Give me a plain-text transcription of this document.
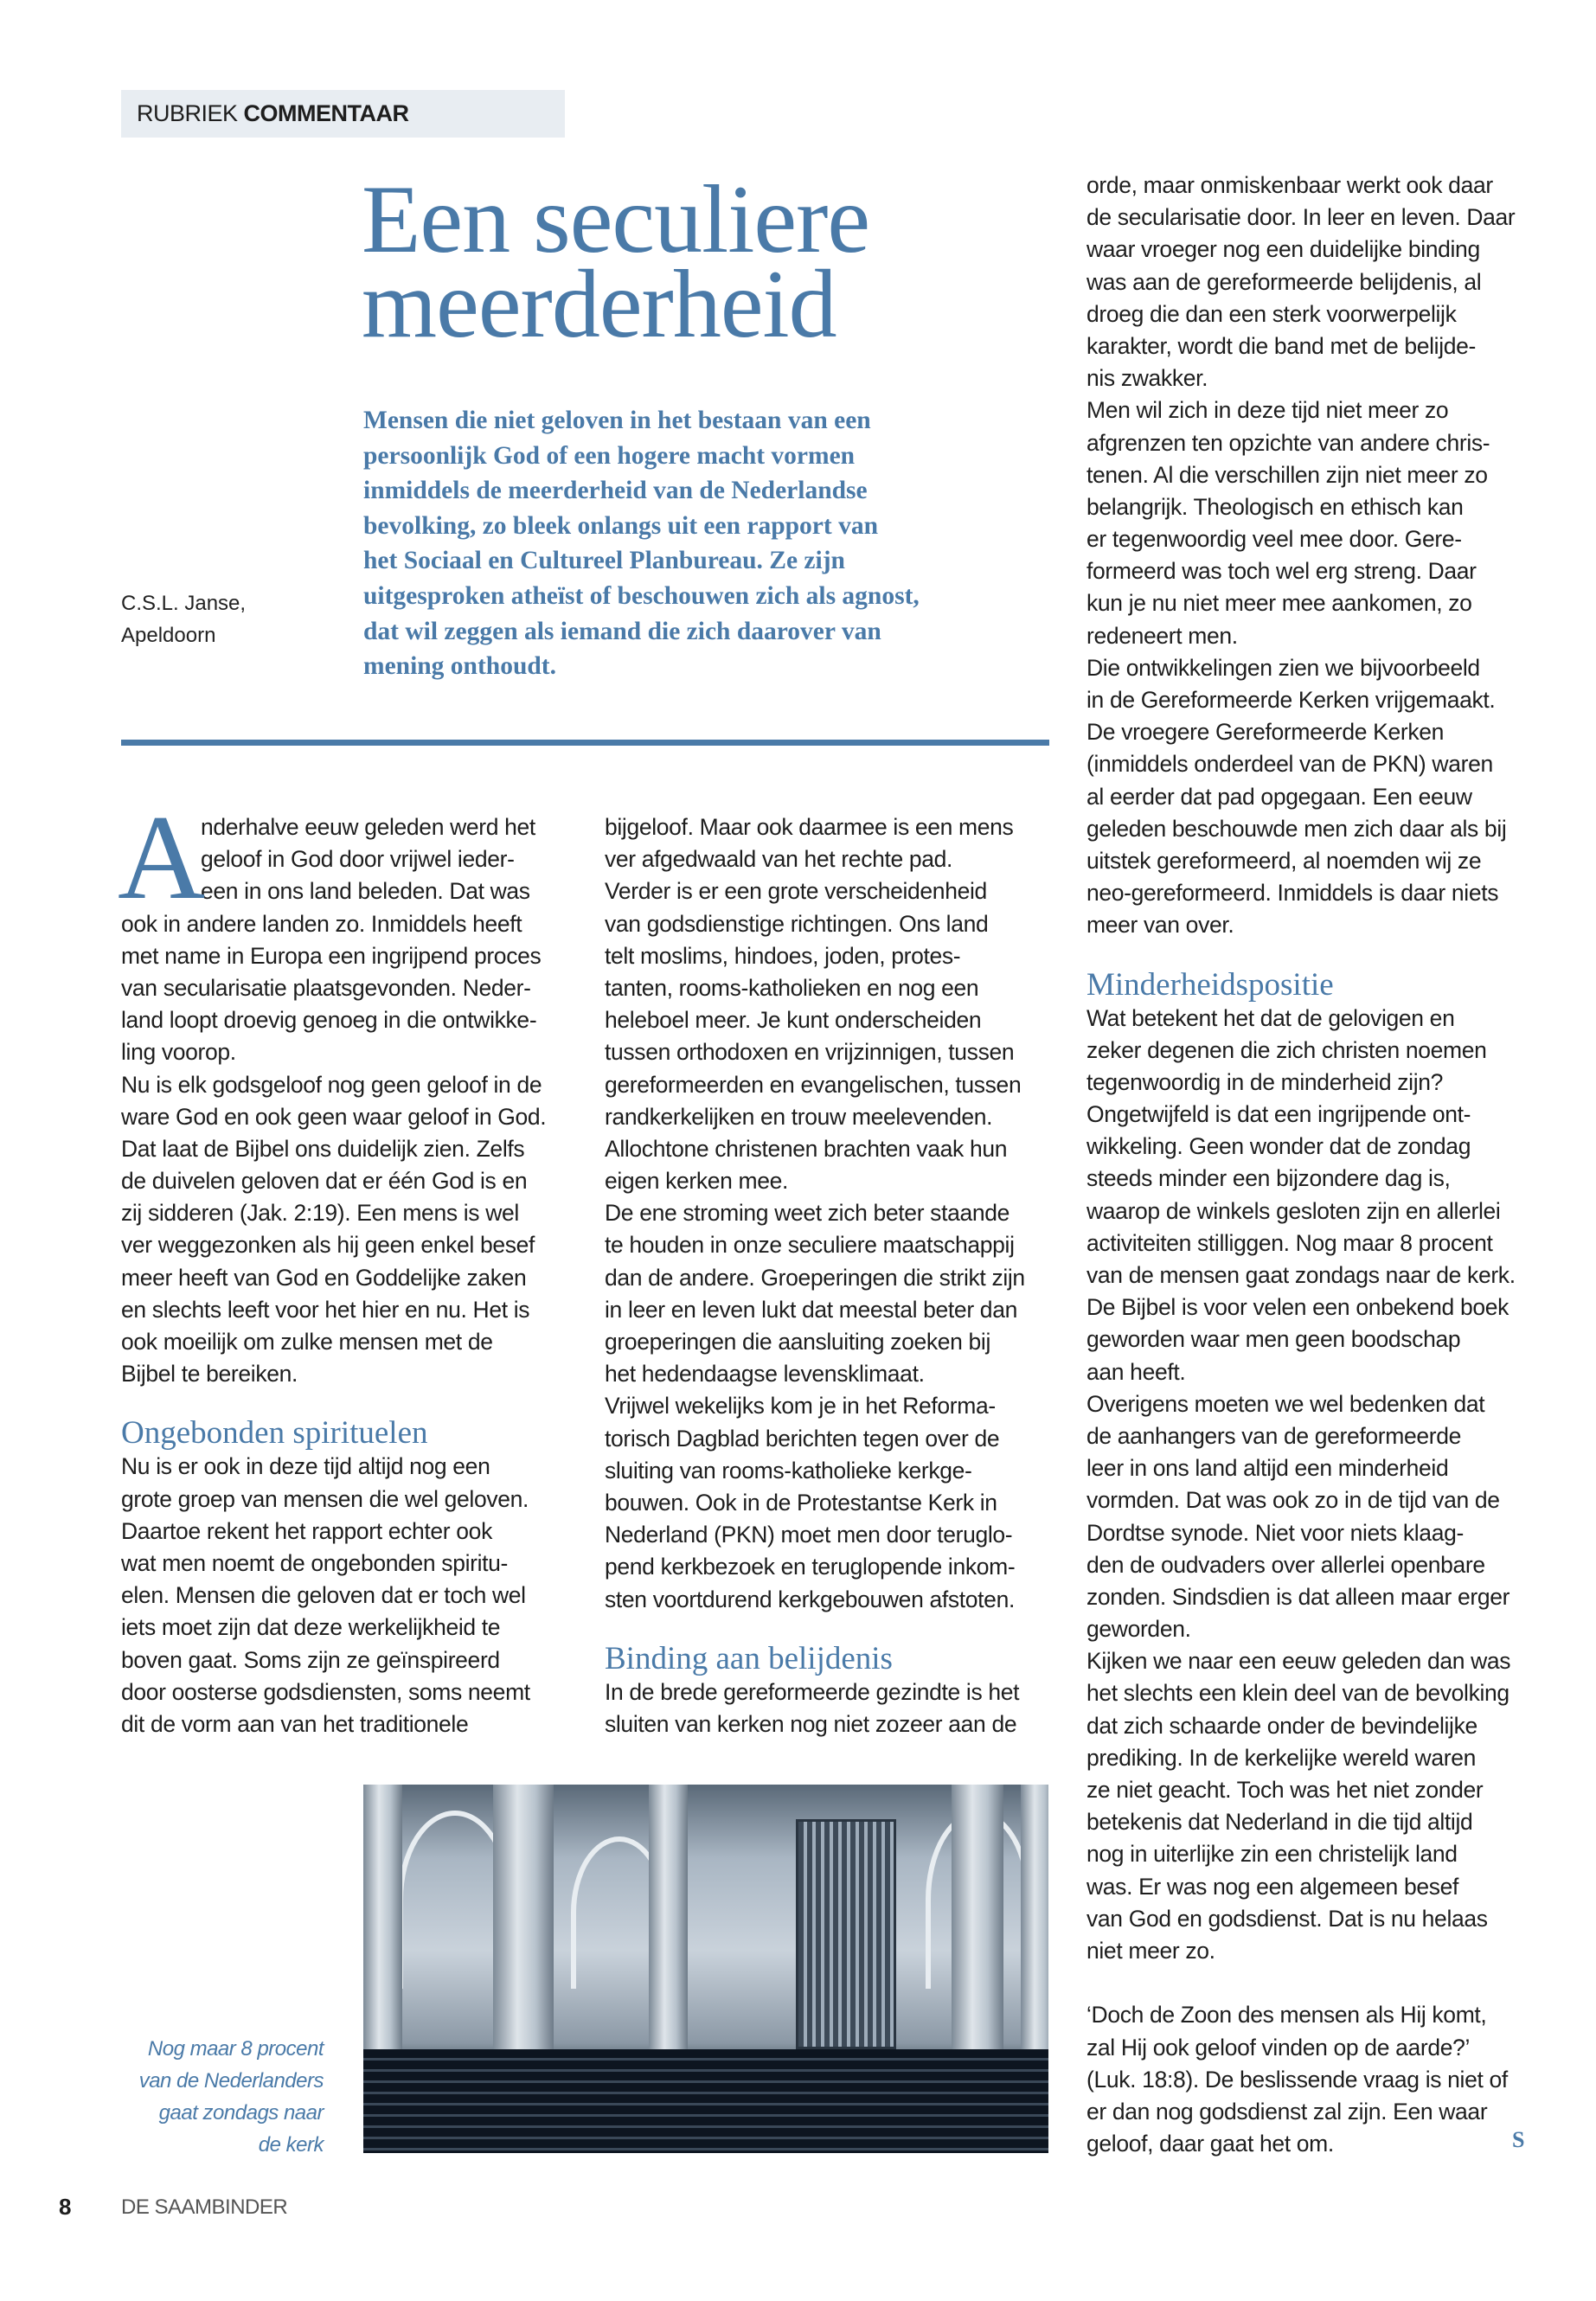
RUBRIEK COMMENTAAR
Een seculiere
meerderheid
Mensen die niet geloven in het bestaan van een
persoonlijk God of een hogere macht vormen
inmiddels de meerderheid van de Nederlandse
bevolking, zo bleek onlangs uit een rapport van
het Sociaal en Cultureel Planbureau. Ze zijn
uitgesproken atheïst of beschouwen zich als agnost,
dat wil zeggen als iemand die zich daarover van
mening onthoudt.
C.S.L. Janse,
Apeldoorn
A
nderhalve eeuw geleden werd het
geloof in God door vrijwel ieder-
een in ons land beleden. Dat was
ook in andere landen zo. Inmiddels heeft
met name in Europa een ingrijpend proces
van secularisatie plaatsgevonden. Neder-
land loopt droevig genoeg in die ontwikke-
ling voorop.
Nu is elk godsgeloof nog geen geloof in de
ware God en ook geen waar geloof in God.
Dat laat de Bijbel ons duidelijk zien. Zelfs
de duivelen geloven dat er één God is en
zij sidderen (Jak. 2:19). Een mens is wel
ver weggezonken als hij geen enkel besef
meer heeft van God en Goddelijke zaken
en slechts leeft voor het hier en nu. Het is
ook moeilijk om zulke mensen met de
Bijbel te bereiken.
Ongebonden spirituelen
Nu is er ook in deze tijd altijd nog een
grote groep van mensen die wel geloven.
Daartoe rekent het rapport echter ook
wat men noemt de ongebonden spiritu-
elen. Mensen die geloven dat er toch wel
iets moet zijn dat deze werkelijkheid te
boven gaat. Soms zijn ze geïnspireerd
door oosterse godsdiensten, soms neemt
dit de vorm aan van het traditionele
bijgeloof. Maar ook daarmee is een mens
ver afgedwaald van het rechte pad.
Verder is er een grote verscheidenheid
van godsdienstige richtingen. Ons land
telt moslims, hindoes, joden, protes-
tanten, rooms-katholieken en nog een
heleboel meer. Je kunt onderscheiden
tussen orthodoxen en vrijzinnigen, tussen
gereformeerden en evangelischen, tussen
randkerkelijken en trouw meelevenden.
Allochtone christenen brachten vaak hun
eigen kerken mee.
De ene stroming weet zich beter staande
te houden in onze seculiere maatschappij
dan de andere. Groeperingen die strikt zijn
in leer en leven lukt dat meestal beter dan
groeperingen die aansluiting zoeken bij
het hedendaagse levensklimaat.
Vrijwel wekelijks kom je in het Reforma-
torisch Dagblad berichten tegen over de
sluiting van rooms-katholieke kerkge-
bouwen. Ook in de Protestantse Kerk in
Nederland (PKN) moet men door teruglo-
pend kerkbezoek en teruglopende inkom-
sten voortdurend kerkgebouwen afstoten.
Binding aan belijdenis
In de brede gereformeerde gezindte is het
sluiten van kerken nog niet zozeer aan de
orde, maar onmiskenbaar werkt ook daar
de secularisatie door. In leer en leven. Daar
waar vroeger nog een duidelijke binding
was aan de gereformeerde belijdenis, al
droeg die dan een sterk voorwerpelijk
karakter, wordt die band met de belijde-
nis zwakker.
Men wil zich in deze tijd niet meer zo
afgrenzen ten opzichte van andere chris-
tenen. Al die verschillen zijn niet meer zo
belangrijk. Theologisch en ethisch kan
er tegenwoordig veel mee door. Gere-
formeerd was toch wel erg streng. Daar
kun je nu niet meer mee aankomen, zo
redeneert men.
Die ontwikkelingen zien we bijvoorbeeld
in de Gereformeerde Kerken vrijgemaakt.
De vroegere Gereformeerde Kerken
(inmiddels onderdeel van de PKN) waren
al eerder dat pad opgegaan. Een eeuw
geleden beschouwde men zich daar als bij
uitstek gereformeerd, al noemden wij ze
neo-gereformeerd. Inmiddels is daar niets
meer van over.
Minderheidspositie
Wat betekent het dat de gelovigen en
zeker degenen die zich christen noemen
tegenwoordig in de minderheid zijn?
Ongetwijfeld is dat een ingrijpende ont-
wikkeling. Geen wonder dat de zondag
steeds minder een bijzondere dag is,
waarop de winkels gesloten zijn en allerlei
activiteiten stilliggen. Nog maar 8 procent
van de mensen gaat zondags naar de kerk.
De Bijbel is voor velen een onbekend boek
geworden waar men geen boodschap
aan heeft.
Overigens moeten we wel bedenken dat
de aanhangers van de gereformeerde
leer in ons land altijd een minderheid
vormden. Dat was ook zo in de tijd van de
Dordtse synode. Niet voor niets klaag-
den de oudvaders over allerlei openbare
zonden. Sindsdien is dat alleen maar erger
geworden.
Kijken we naar een eeuw geleden dan was
het slechts een klein deel van de bevolking
dat zich schaarde onder de bevindelijke
prediking. In de kerkelijke wereld waren
ze niet geacht. Toch was het niet zonder
betekenis dat Nederland in die tijd altijd
nog in uiterlijke zin een christelijk land
was. Er was nog een algemeen besef
van God en godsdienst. Dat is nu helaas
niet meer zo.
‘Doch de Zoon des mensen als Hij komt,
zal Hij ook geloof vinden op de aarde?’
(Luk. 18:8). De beslissende vraag is niet of
er dan nog godsdienst zal zijn. Een waar
geloof, daar gaat het om.
Nog maar 8 procent
van de Nederlanders
gaat zondags naar
de kerk	S
8 DE SAAMBINDER
